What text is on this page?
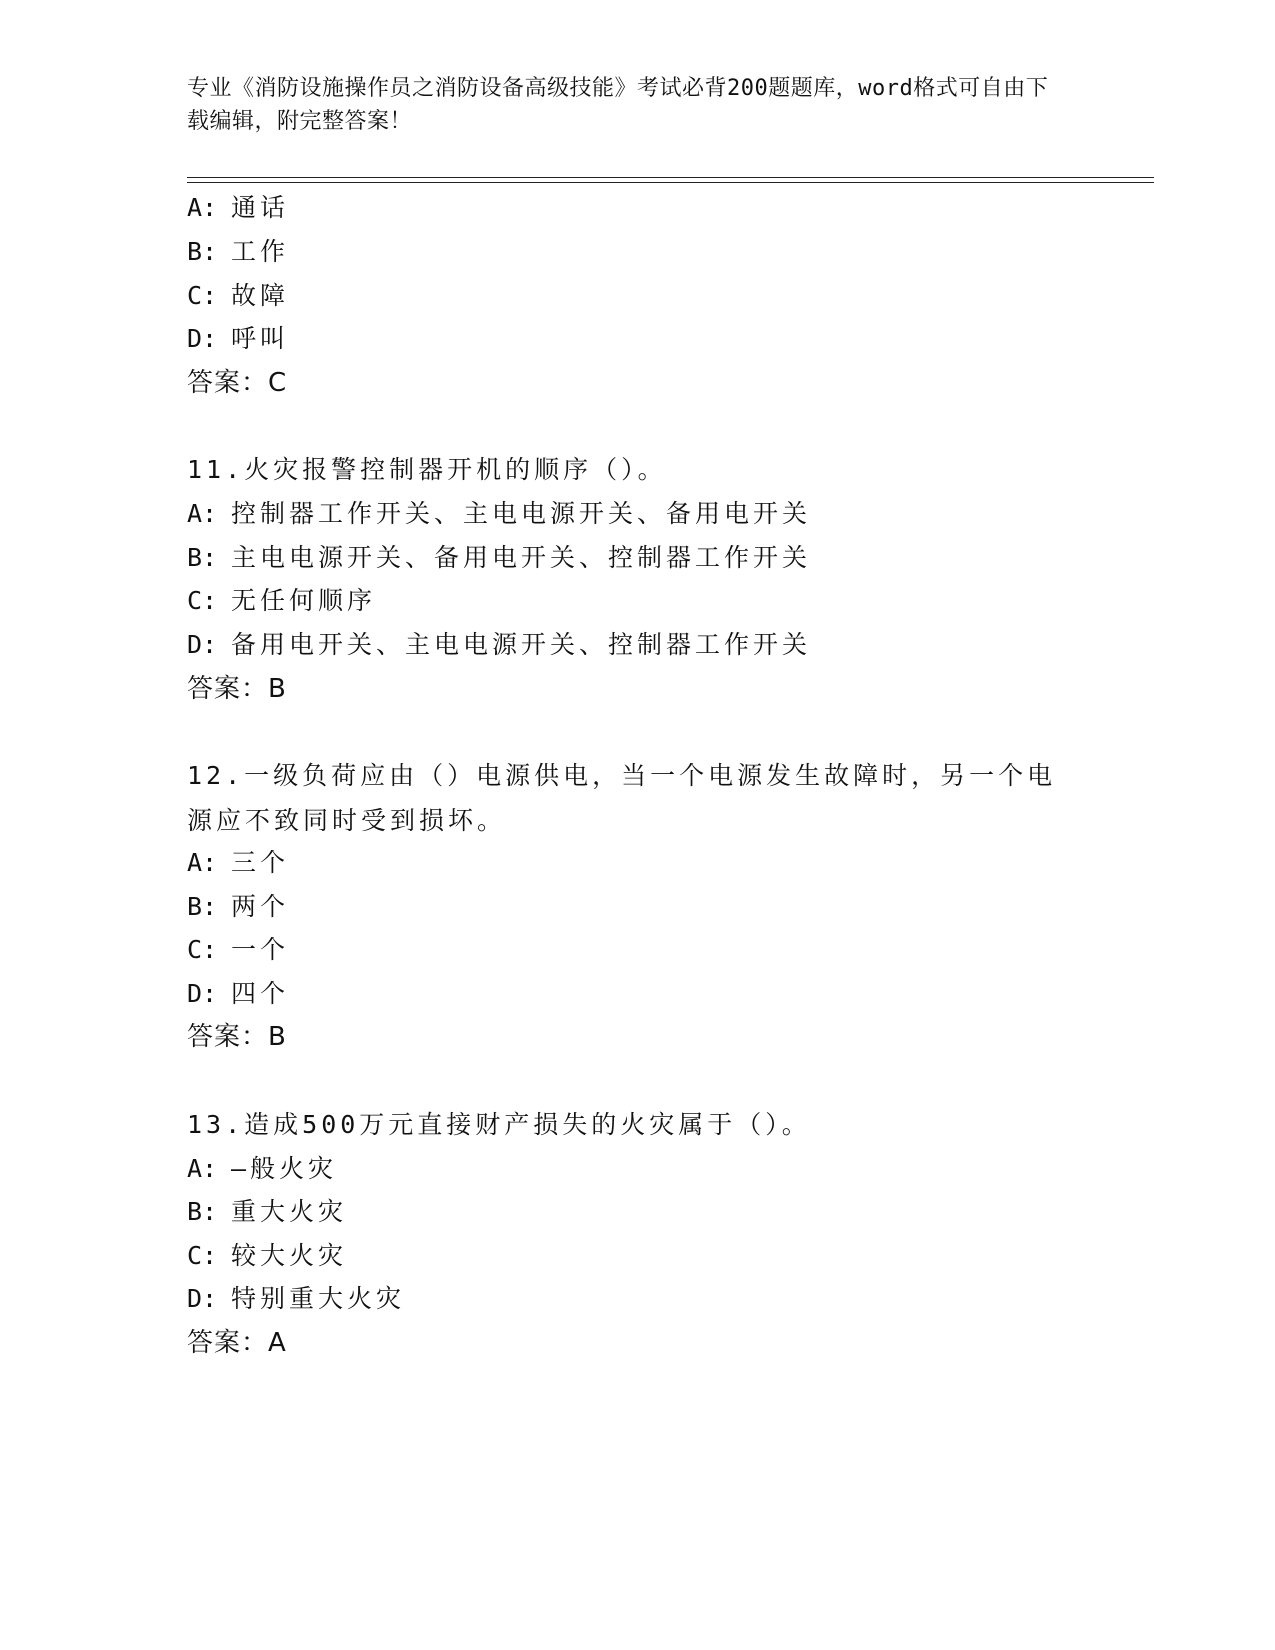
专业《消防设施操作员之消防设备高级技能》考试必背200题题库，word格式可自由下载编辑，附完整答案！
A: 通话
B: 工作
C: 故障
D: 呼叫
答案：C
11.火灾报警控制器开机的顺序（）。
A: 控制器工作开关、主电电源开关、备用电开关
B: 主电电源开关、备用电开关、控制器工作开关
C: 无任何顺序
D: 备用电开关、主电电源开关、控制器工作开关
答案：B
12.一级负荷应由（）电源供电，当一个电源发生故障时，另一个电源应不致同时受到损坏。
A: 三个
B: 两个
C: 一个
D: 四个
答案：B
13.造成500万元直接财产损失的火灾属于（）。
A: —般火灾
B: 重大火灾
C: 较大火灾
D: 特别重大火灾
答案：A
